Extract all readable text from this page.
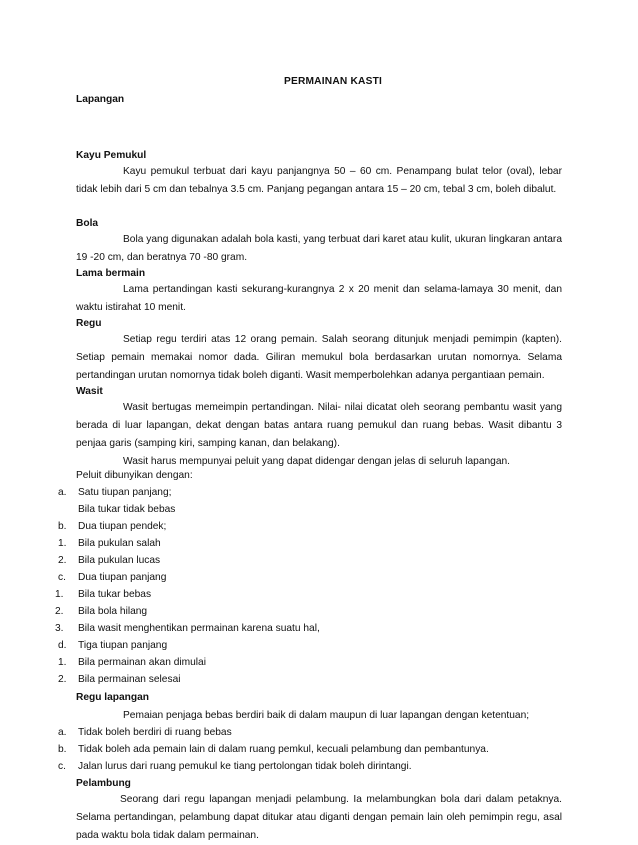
PERMAINAN KASTI
Lapangan
Kayu Pemukul
Kayu pemukul terbuat dari kayu panjangnya 50 – 60 cm. Penampang bulat telor (oval), lebar tidak lebih dari 5 cm dan tebalnya 3.5 cm. Panjang pegangan antara 15 – 20 cm, tebal 3 cm, boleh dibalut.
Bola
Bola yang digunakan adalah bola kasti, yang terbuat dari karet atau kulit, ukuran lingkaran antara 19 -20 cm, dan beratnya 70 -80 gram.
Lama bermain
Lama pertandingan kasti sekurang-kurangnya 2 x 20 menit dan selama-lamaya 30 menit, dan waktu istirahat 10 menit.
Regu
Setiap regu terdiri atas 12 orang pemain. Salah seorang ditunjuk menjadi pemimpin (kapten). Setiap pemain memakai nomor dada. Giliran memukul bola berdasarkan urutan nomornya. Selama pertandingan urutan nomornya tidak boleh diganti. Wasit memperbolehkan adanya pergantiaan pemain.
Wasit
Wasit bertugas memeimpin pertandingan. Nilai- nilai dicatat oleh seorang pembantu wasit yang berada di luar lapangan, dekat dengan batas antara ruang pemukul dan ruang bebas. Wasit dibantu 3 penjaa garis (samping kiri, samping kanan, dan belakang).
Wasit harus mempunyai peluit yang dapat didengar dengan jelas di seluruh lapangan.
Peluit dibunyikan dengan:
a. Satu tiupan panjang;
Bila tukar tidak bebas
b. Dua tiupan pendek;
1. Bila pukulan salah
2. Bila pukulan lucas
c. Dua tiupan panjang
1. Bila tukar bebas
2. Bila bola hilang
3. Bila wasit menghentikan permainan karena suatu hal,
d. Tiga tiupan panjang
1. Bila permainan akan dimulai
2. Bila permainan selesai
Regu lapangan
Pemaian penjaga bebas berdiri baik di dalam maupun di luar lapangan dengan ketentuan;
a. Tidak boleh berdiri di ruang bebas
b. Tidak boleh ada pemain lain di dalam ruang pemkul, kecuali pelambung dan pembantunya.
c. Jalan lurus dari ruang pemukul ke tiang pertolongan tidak boleh dirintangi.
Pelambung
Seorang dari regu lapangan menjadi pelambung. Ia melambungkan bola dari dalam petaknya. Selama pertandingan, pelambung dapat ditukar atau diganti dengan pemain lain oleh pemimpin regu, asal pada waktu bola tidak dalam permainan.
